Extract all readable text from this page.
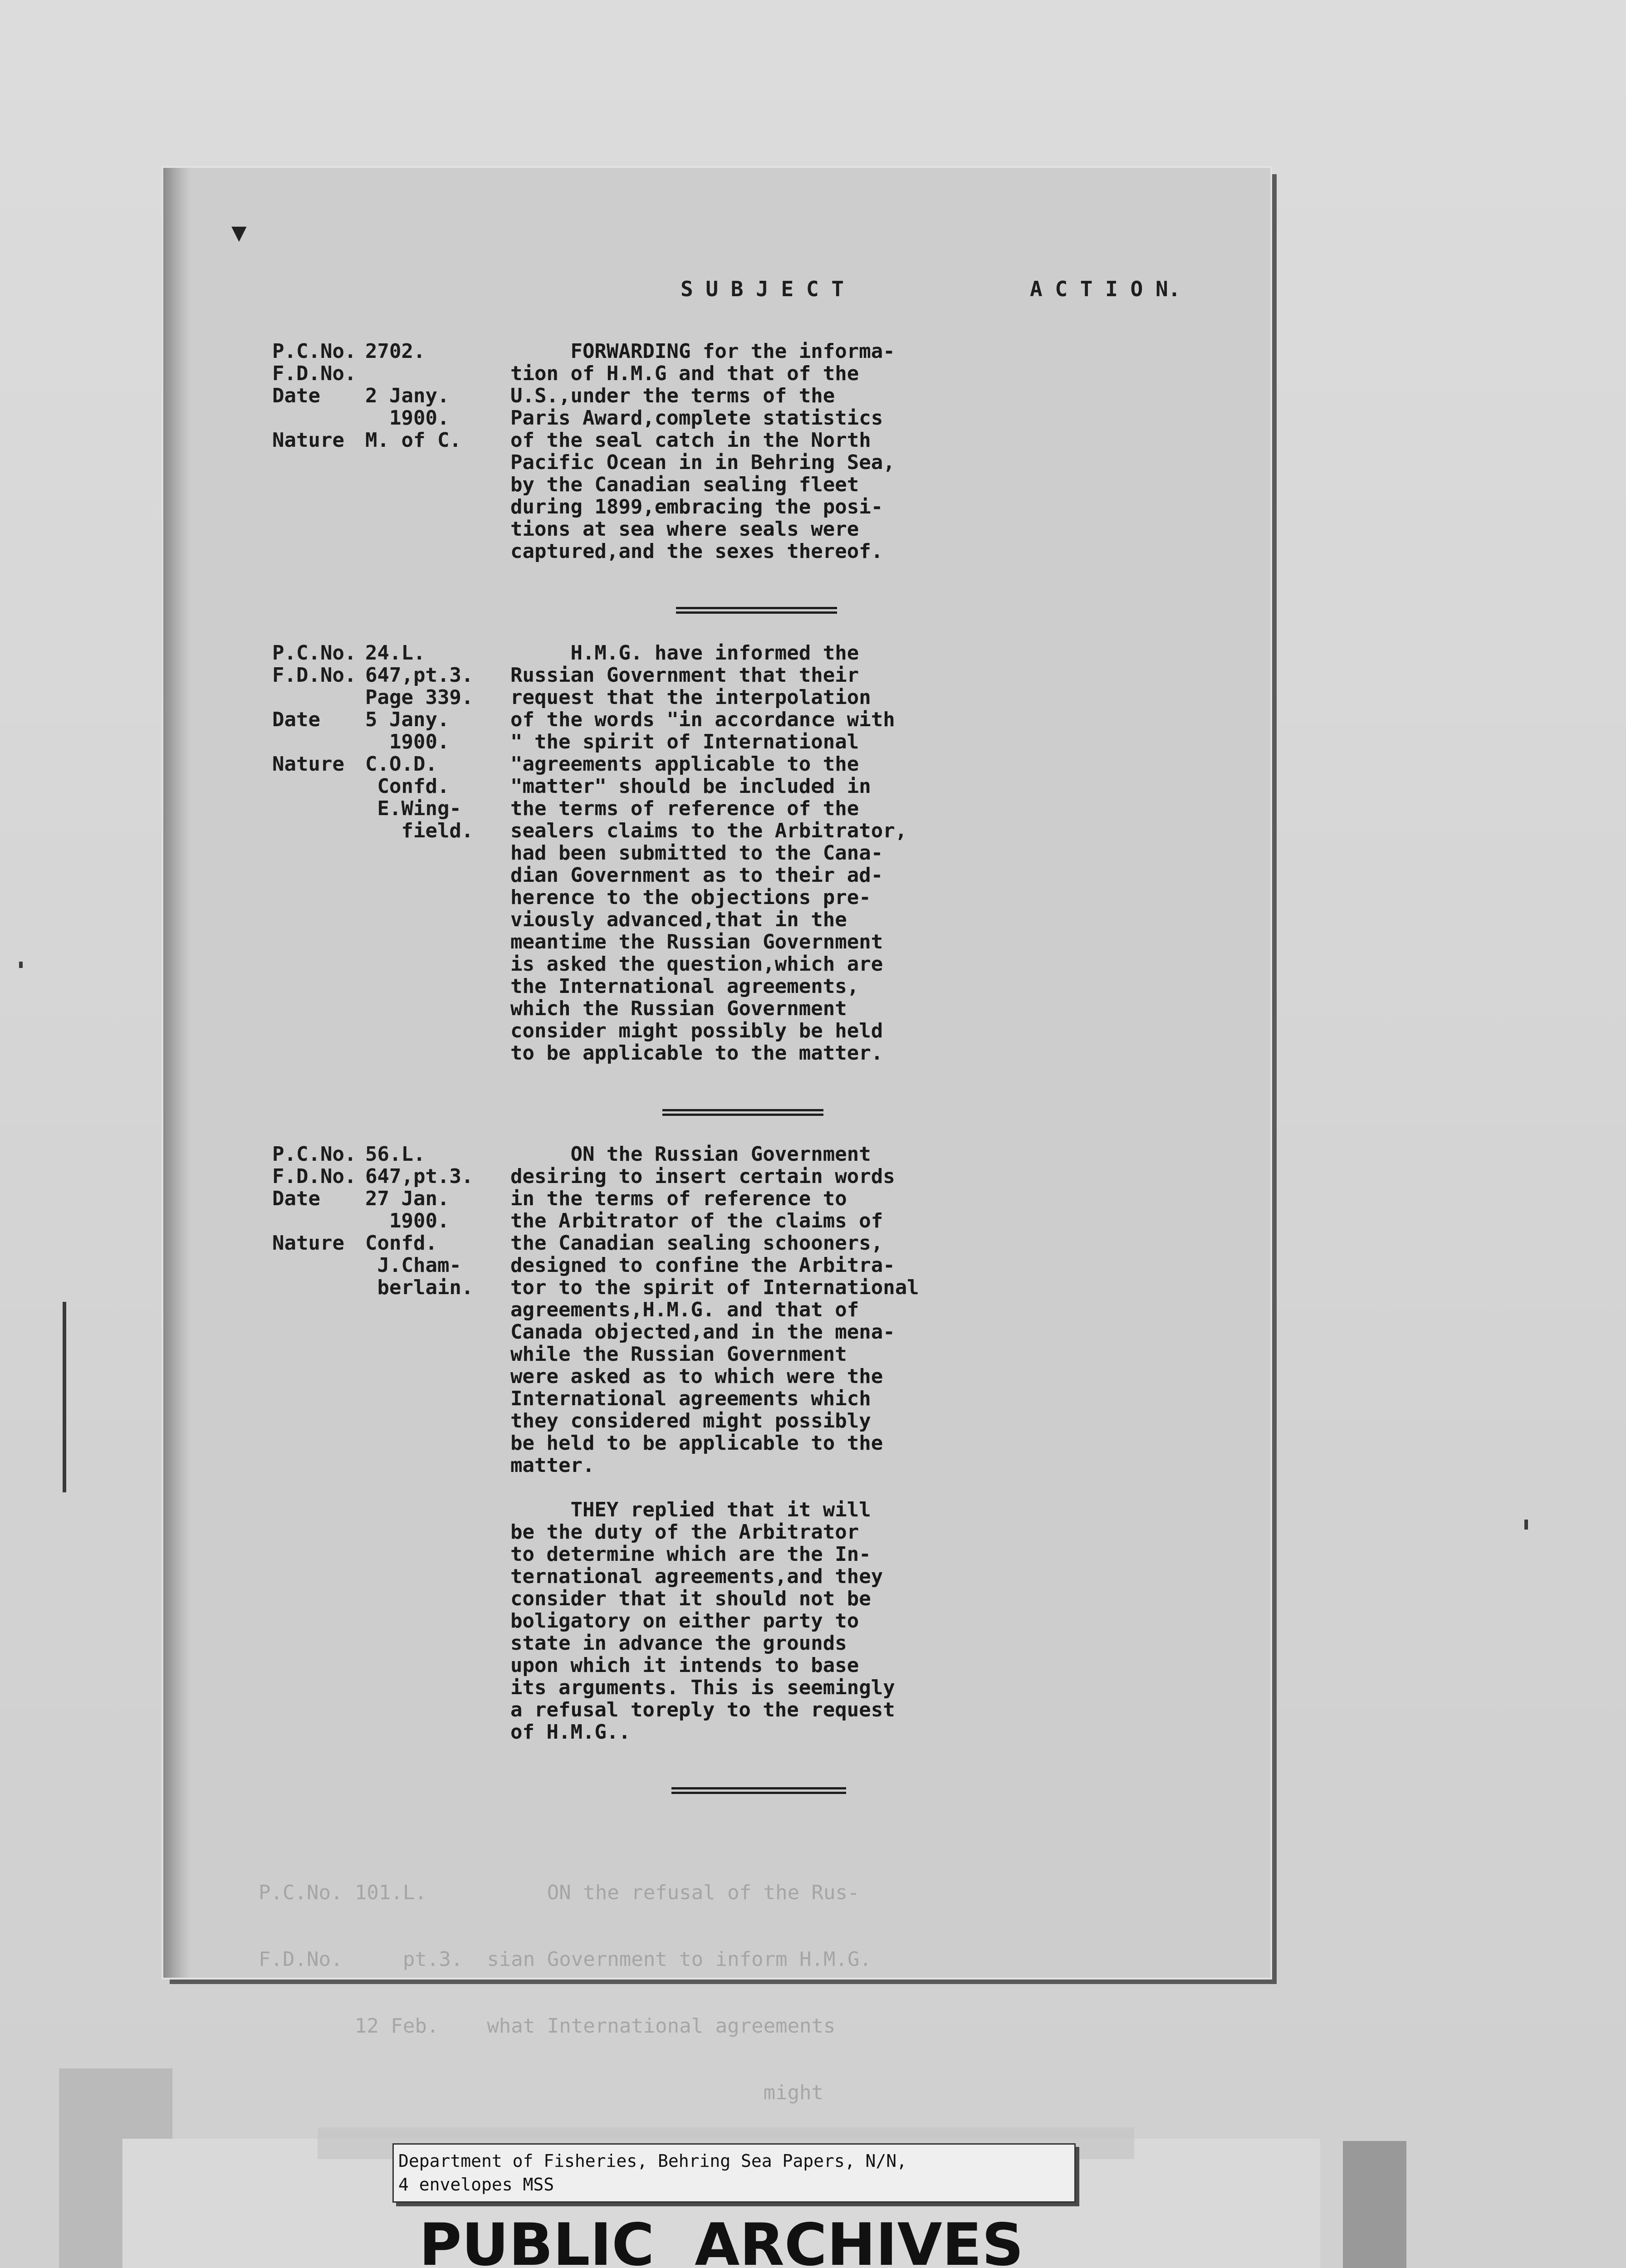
▼
S U B J E C T	A C T I O N.
P.C.No. 2702.
F.D.No.
Date 2 Jany.
1900.
Nature M. of C.
FORWARDING for the informa-
tion of H.M.G and that of the
U.S.,under the terms of the
Paris Award,complete statistics
of the seal catch in the North
Pacific Ocean in in Behring Sea,
by the Canadian sealing fleet
during 1899,embracing the posi-
tions at sea where seals were
captured,and the sexes thereof.
P.C.No. 24.L.
F.D.No. 647,pt.3.
Page 339.
Date 5 Jany.
1900.
Nature C.O.D.
Confd.
E.Wing-
field.
H.M.G. have informed the
Russian Government that their
request that the interpolation
of the words "in accordance with
" the spirit of International
"agreements applicable to the
"matter" should be included in
the terms of reference of the
sealers claims to the Arbitrator,
had been submitted to the Cana-
dian Government as to their ad-
herence to the objections pre-
viously advanced,that in the
meantime the Russian Government
is asked the question,which are
the International agreements,
which the Russian Government
consider might possibly be held
to be applicable to the matter.
P.C.No. 56.L.
F.D.No. 647,pt.3.
Date 27 Jan.
1900.
Nature Confd.
J.Cham-
berlain.
ON the Russian Government
desiring to insert certain words
in the terms of reference to
the Arbitrator of the claims of
the Canadian sealing schooners,
designed to confine the Arbitra-
tor to the spirit of International
agreements,H.M.G. and that of
Canada objected,and in the mena-
while the Russian Government
were asked as to which were the
International agreements which
they considered might possibly
be held to be applicable to the
matter.
THEY replied that it will
be the duty of the Arbitrator
to determine which are the In-
ternational agreements,and they
consider that it should not be
boligatory on either party to
state in advance the grounds
upon which it intends to base
its arguments. This is seemingly
a refusal toreply to the request
of H.M.G..

P.C.No. 101.L.          ON the refusal of the Rus-

F.D.No.     pt.3.  sian Government to inform H.M.G.

12 Feb.    what International agreements

might

Department of Fisheries, Behring Sea Papers, N/N,
4 envelopes MSS
PUBLIC  ARCHIVES
